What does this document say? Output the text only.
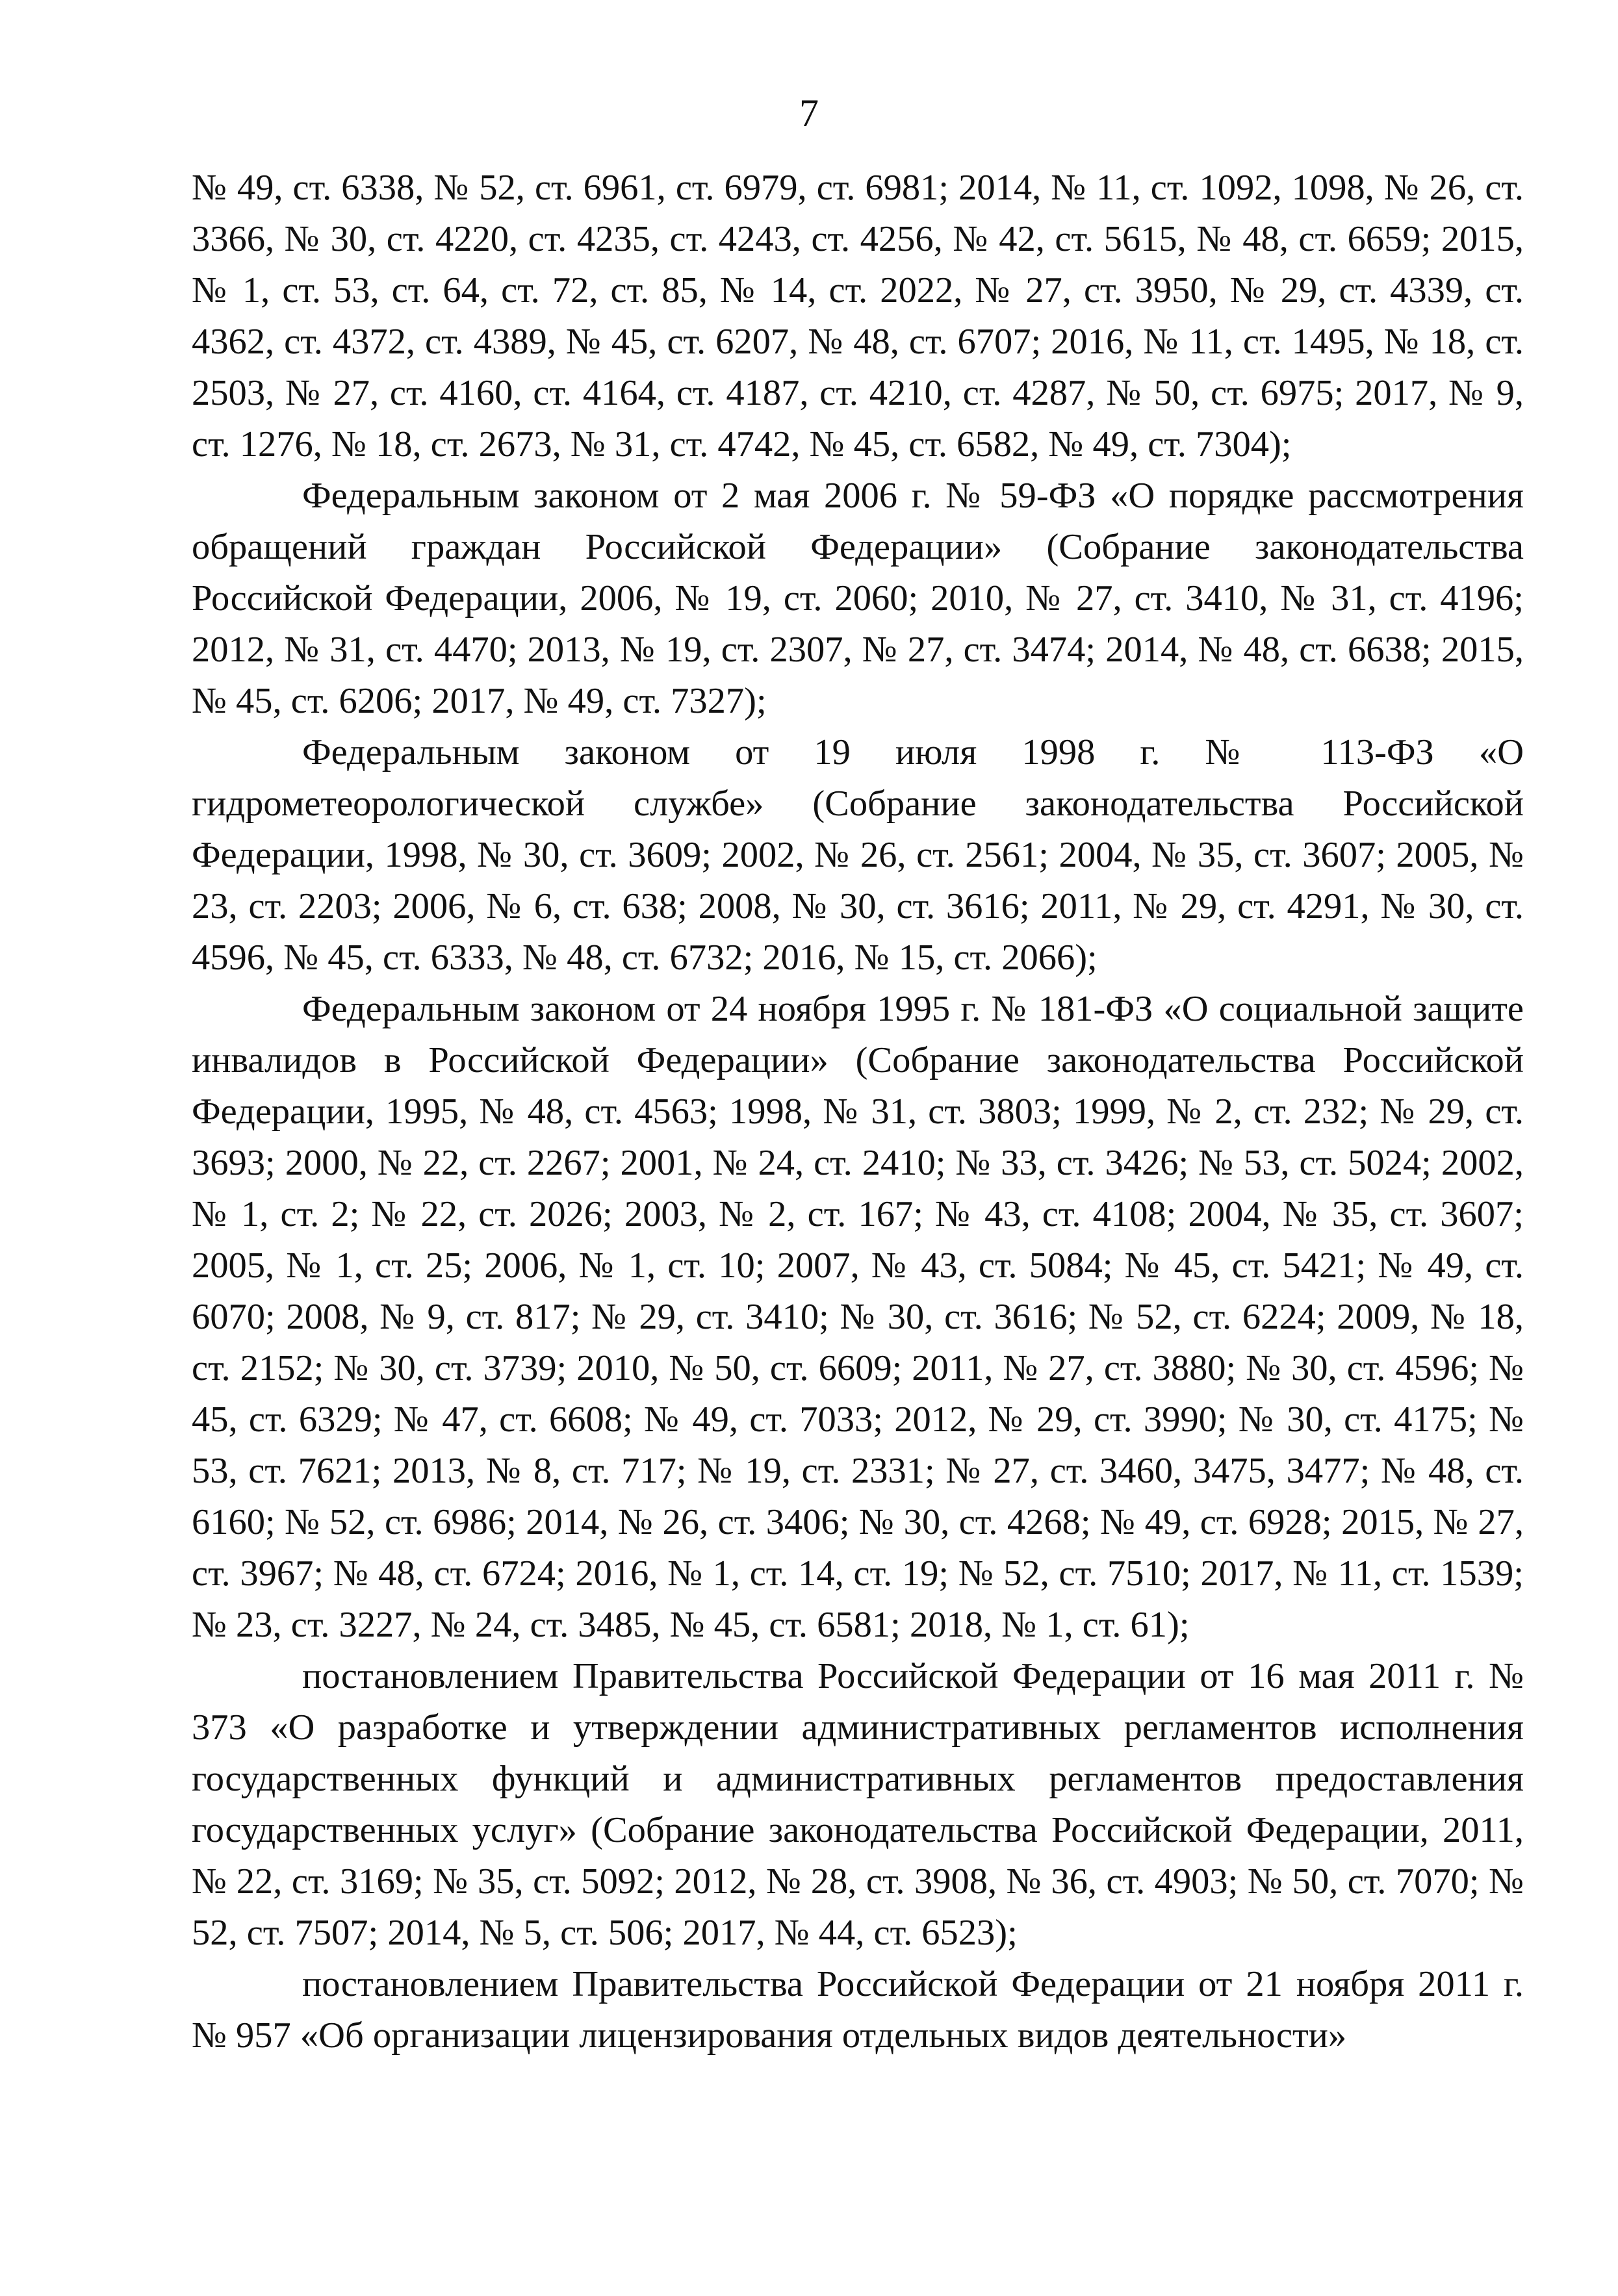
7

№ 49, ст. 6338, № 52, ст. 6961, ст. 6979, ст. 6981; 2014, № 11, ст. 1092, 1098, № 26, ст. 3366, № 30, ст. 4220, ст. 4235, ст. 4243, ст. 4256, № 42, ст. 5615, № 48, ст. 6659; 2015, № 1, ст. 53, ст. 64, ст. 72, ст. 85, № 14, ст. 2022, № 27, ст. 3950, № 29, ст. 4339, ст. 4362, ст. 4372, ст. 4389, № 45, ст. 6207, № 48, ст. 6707; 2016, № 11, ст. 1495, № 18, ст. 2503, № 27, ст. 4160, ст. 4164, ст. 4187, ст. 4210, ст. 4287, № 50, ст. 6975; 2017, № 9, ст. 1276, № 18, ст. 2673, № 31, ст. 4742, № 45, ст. 6582, № 49, ст. 7304);

Федеральным законом от 2 мая 2006 г. № 59-ФЗ «О порядке рассмотрения обращений граждан Российской Федерации» (Собрание законодательства Российской Федерации, 2006, № 19, ст. 2060; 2010, № 27, ст. 3410, № 31, ст. 4196; 2012, № 31, ст. 4470; 2013, № 19, ст. 2307, № 27, ст. 3474; 2014, № 48, ст. 6638; 2015, № 45, ст. 6206; 2017, № 49, ст. 7327);

Федеральным законом от 19 июля 1998 г. № 113-ФЗ «О гидрометеорологической службе» (Собрание законодательства Российской Федерации, 1998, № 30, ст. 3609; 2002, № 26, ст. 2561; 2004, № 35, ст. 3607; 2005, № 23, ст. 2203; 2006, № 6, ст. 638; 2008, № 30, ст. 3616; 2011, № 29, ст. 4291, № 30, ст. 4596, № 45, ст. 6333, № 48, ст. 6732; 2016, № 15, ст. 2066);

Федеральным законом от 24 ноября 1995 г. № 181-ФЗ «О социальной защите инвалидов в Российской Федерации» (Собрание законодательства Российской Федерации, 1995, № 48, ст. 4563; 1998, № 31, ст. 3803; 1999, № 2, ст. 232; № 29, ст. 3693; 2000, № 22, ст. 2267; 2001, № 24, ст. 2410; № 33, ст. 3426; № 53, ст. 5024; 2002, № 1, ст. 2; № 22, ст. 2026; 2003, № 2, ст. 167; № 43, ст. 4108; 2004, № 35, ст. 3607; 2005, № 1, ст. 25; 2006, № 1, ст. 10; 2007, № 43, ст. 5084; № 45, ст. 5421; № 49, ст. 6070; 2008, № 9, ст. 817; № 29, ст. 3410; № 30, ст. 3616; № 52, ст. 6224; 2009, № 18, ст. 2152; № 30, ст. 3739; 2010, № 50, ст. 6609; 2011, № 27, ст. 3880; № 30, ст. 4596; № 45, ст. 6329; № 47, ст. 6608; № 49, ст. 7033; 2012, № 29, ст. 3990; № 30, ст. 4175; № 53, ст. 7621; 2013, № 8, ст. 717; № 19, ст. 2331; № 27, ст. 3460, 3475, 3477; № 48, ст. 6160; № 52, ст. 6986; 2014, № 26, ст. 3406; № 30, ст. 4268; № 49, ст. 6928; 2015, № 27, ст. 3967; № 48, ст. 6724; 2016, № 1, ст. 14, ст. 19; № 52, ст. 7510; 2017, № 11, ст. 1539; № 23, ст. 3227, № 24, ст. 3485, № 45, ст. 6581; 2018, № 1, ст. 61);

постановлением Правительства Российской Федерации от 16 мая 2011 г. № 373 «О разработке и утверждении административных регламентов исполнения государственных функций и административных регламентов предоставления государственных услуг» (Собрание законодательства Российской Федерации, 2011, № 22, ст. 3169; № 35, ст. 5092; 2012, № 28, ст. 3908, № 36, ст. 4903; № 50, ст. 7070; № 52, ст. 7507; 2014, № 5, ст. 506; 2017, № 44, ст. 6523);

постановлением Правительства Российской Федерации от 21 ноября 2011 г. № 957 «Об организации лицензирования отдельных видов деятельности»
